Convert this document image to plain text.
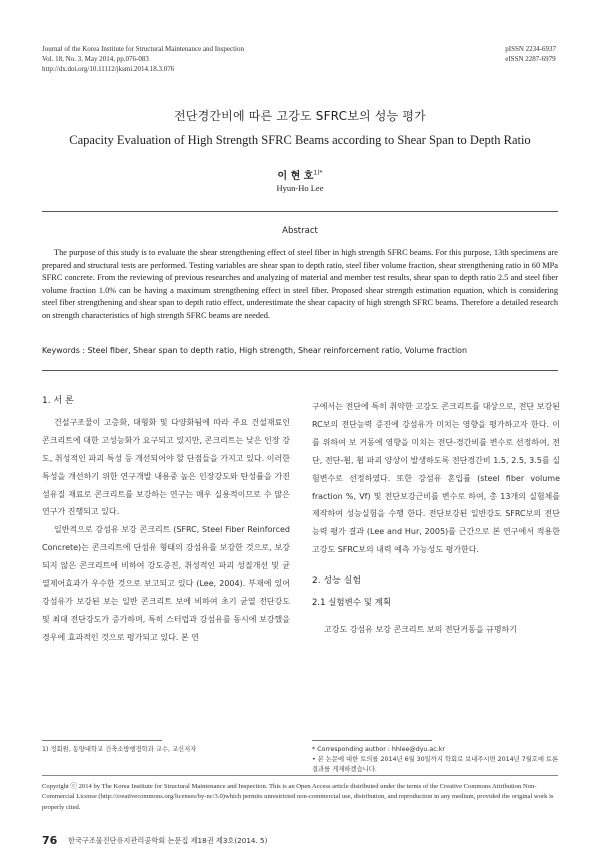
Journal of the Korea Institute for Structural Maintenance and Inspection
Vol. 18, No. 3, May 2014, pp.076-083
http://dx.doi.org/10.11112/jksmi.2014.18.3.076
pISSN 2234-6937
eISSN 2287-6979
전단경간비에 따른 고강도 SFRC보의 성능 평가
Capacity Evaluation of High Strength SFRC Beams according to Shear Span to Depth Ratio
이 현 호$^{1)*}$
Hyun-Ho Lee
Abstract
The purpose of this study is to evaluate the shear strengthening effect of steel fiber in high strength SFRC beams. For this purpose, 13th specimens are prepared and structural tests are performed. Testing variables are shear span to depth ratio, steel fiber volume fraction, shear strengthening ratio in 60 MPa SFRC concrete. From the reviewing of previous researches and analyzing of material and member test results, shear span to depth ratio 2.5 and steel fiber volume fraction 1.0% can be having a maximum strengthening effect in steel fiber. Proposed shear strength estimation equation, which is considering steel fiber strengthening and shear span to depth ratio effect, underestimate the shear capacity of high strength SFRC beams. Therefore a detailed research on strength characteristics of high strength SFRC beams are needed.
Keywords : Steel fiber, Shear span to depth ratio, High strength, Shear reinforcement ratio, Volume fraction
1. 서 론
건설구조물이 고층화, 대형화 및 다양화됨에 따라 주요 건설재료인 콘크리트에 대한 고성능화가 요구되고 있지만, 콘크리트는 낮은 인장 강도, 취성적인 파괴 특성 등 개선되어야 할 단점들을 가지고 있다. 이러한 특성을 개선하기 위한 연구개발 내용중 높은 인장강도와 탄성률을 가진 섬유질 재료로 콘크리트를 보강하는 연구는 매우 실용적이므로 수 많은 연구가 진행되고 있다.
일반적으로 강섬유 보강 콘크리트 (SFRC, Steel Fiber Reinforced Concrete)는 콘크리트에 단섬유 형태의 강섬유를 보강한 것으로, 보강되지 않은 콘크리트에 비하여 강도증진, 취성적인 파괴 성질개선 및 균열제어효과가 우수한 것으로 보고되고 있다 (Lee, 2004). 부재에 있어 강섬유가 보강된 보는 일반 콘크리트 보에 비하여 초기 균열 전단강도 및 최대 전단강도가 증가하며, 특히 스터럽과 강섬유를 동시에 보강했을 경우에 효과적인 것으로 평가되고 있다. 본 연
구에서는 전단에 특히 취약한 고강도 콘크리트를 대상으로, 전단 보강된 RC보의 전단능력 증진에 강섬유가 미치는 영향을 평가하고자 한다. 이를 위하여 보 거동에 영향을 미치는 전단-경간비를 변수로 선정하여, 전단, 전단-휨, 휨 파괴 양상이 발생하도록 전단경간비 1.5, 2.5, 3.5를 실험변수로 선정하였다. 또한 강섬유 혼입률 (steel fiber volume fraction %, Vf) 및 전단보강근비를 변수로 하여, 총 13개의 실험체를 제작하여 성능실험을 수행 한다. 전단보강된 일반강도 SFRC보의 전단능력 평가 결과 (Lee and Hur, 2005)를 근간으로 본 연구에서 적용한 고강도 SFRC보의 내력 예측 가능성도 평가한다.
2. 성능 실험
2.1 실험변수 및 계획
고강도 강섬유 보강 콘크리트 보의 전단거동을 규명하기
1) 정회원, 동양대학교 건축소방행정학과 교수, 교신저자	* Corresponding author : hhlee@dyu.ac.kr
• 본 논문에 대한 토의를 2014년 6월 30일까지 학회로 보내주시면 2014년 7월호에 토론결과를 게재하겠습니다.
Copyright ⓒ 2014 by The Korea Institute for Structural Maintenance and Inspection. This is an Open Access article distributed under the terms of the Creative Commons Attribution Non-Commercial License (http://creativecommons.org/licenses/by-nc/3.0)which permits unrestricted non-commercial use, distribution, and reproduction in any medium, provided the original work is properly cited.
76 한국구조물진단유지관리공학회 논문집 제18권 제3호(2014. 5)
